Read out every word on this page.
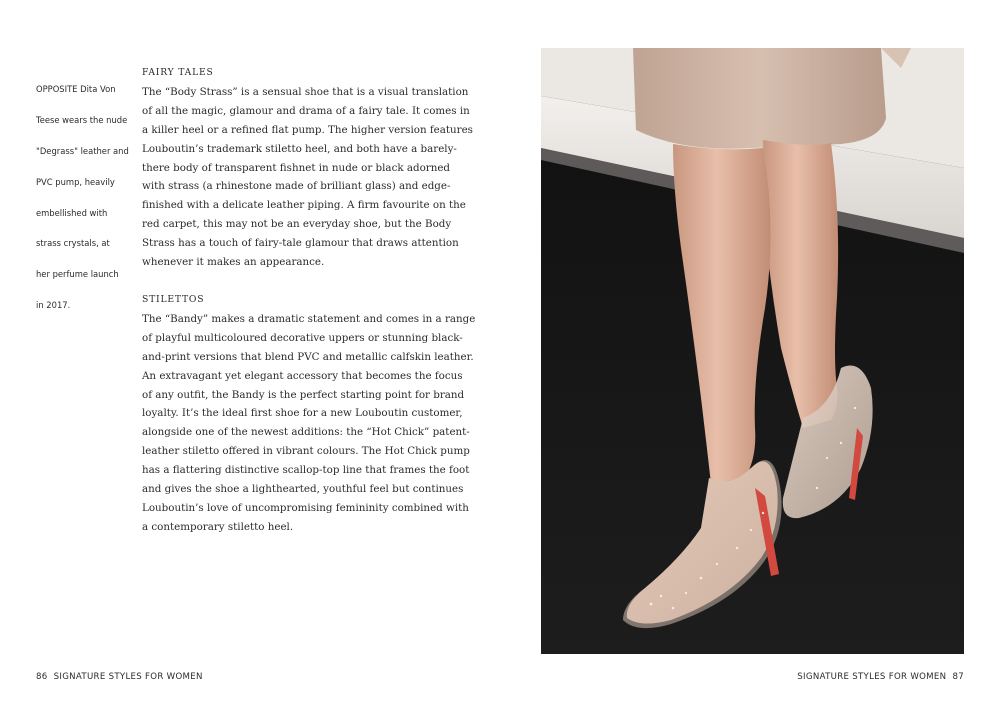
OPPOSITE Dita Von

Teese wears the nude

"Degrass" leather and

PVC pump, heavily

embellished with

strass crystals, at

her perfume launch

in 2017.

FAIRY TALES
The “Body Strass” is a sensual shoe that is a visual translation
of all the magic, glamour and drama of a fairy tale. It comes in
a killer heel or a refined flat pump. The higher version features
Louboutin’s trademark stiletto heel, and both have a barely-
there body of transparent fishnet in nude or black adorned
with strass (a rhinestone made of brilliant glass) and edge-
finished with a delicate leather piping. A firm favourite on the
red carpet, this may not be an everyday shoe, but the Body
Strass has a touch of fairy-tale glamour that draws attention
whenever it makes an appearance.
STILETTOS
The “Bandy” makes a dramatic statement and comes in a range
of playful multicoloured decorative uppers or stunning black-
and-print versions that blend PVC and metallic calfskin leather.
An extravagant yet elegant accessory that becomes the focus
of any outfit, the Bandy is the perfect starting point for brand
loyalty. It’s the ideal first shoe for a new Louboutin customer,
alongside one of the newest additions: the “Hot Chick” patent-
leather stiletto offered in vibrant colours. The Hot Chick pump
has a flattering distinctive scallop-top line that frames the foot
and gives the shoe a lighthearted, youthful feel but continues
Louboutin’s love of uncompromising femininity combined with
a contemporary stiletto heel.
86 SIGNATURE STYLES FOR WOMEN	SIGNATURE STYLES FOR WOMEN 87
